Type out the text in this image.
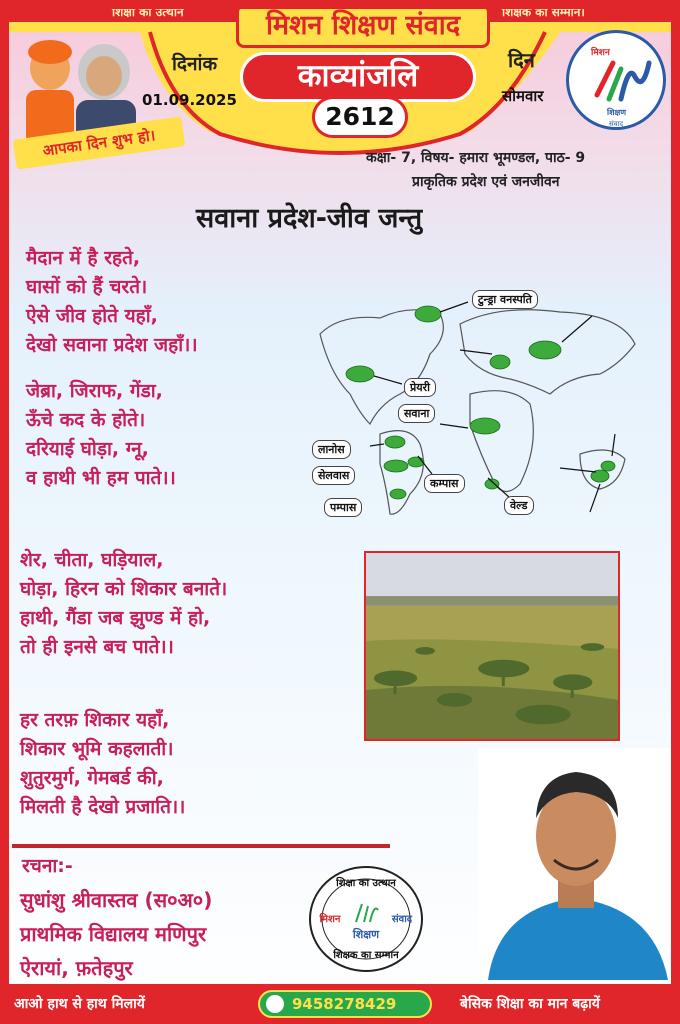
शिक्षा का उत्थान	शिक्षक का सम्मान।
मिशन शिक्षण संवाद
काव्यांजलि
2612
दिनांक
01.09.2025
दिन
सोमवार
आपका दिन शुभ हो।
मिशन
शिक्षण
संवाद
कक्षा- 7, विषय- हमारा भूमण्डल, पाठ- 9
प्राकृतिक प्रदेश एवं जनजीवन
सवाना प्रदेश-जीव जन्तु
मैदान में है रहते,
घासों को हैं चरते।
ऐसे जीव होते यहाँ,
देखो सवाना प्रदेश जहाँ।।
जेब्रा, जिराफ, गेंडा,
ऊँचे कद के होते।
दरियाई घोड़ा, ग्नू,
व हाथी भी हम पाते।।
शेर, चीता, घड़ियाल,
घोड़ा, हिरन को शिकार बनाते।
हाथी, गैंडा जब झुण्ड में हो,
तो ही इनसे बच पाते।।
हर तरफ़ शिकार यहाँ,
शिकार भूमि कहलाती।
शुतुरमुर्ग, गेमबर्ड की,
मिलती है देखो प्रजाति।।
टुन्ड्रा वनस्पति
प्रेयरी
सवाना
लानोस
सेलवास
कम्पास
पम्पास	वेल्ड
रचना:-
सुधांशु श्रीवास्तव (स०अ०)
प्राथमिक विद्यालय मणिपुर
ऐरायां, फ़तेहपुर
शिक्षा का उत्थान
मिशन	संवाद
शिक्षण
शिक्षक का सम्मान
आओ हाथ से हाथ मिलायें	9458278429	बेसिक शिक्षा का मान बढ़ायें
